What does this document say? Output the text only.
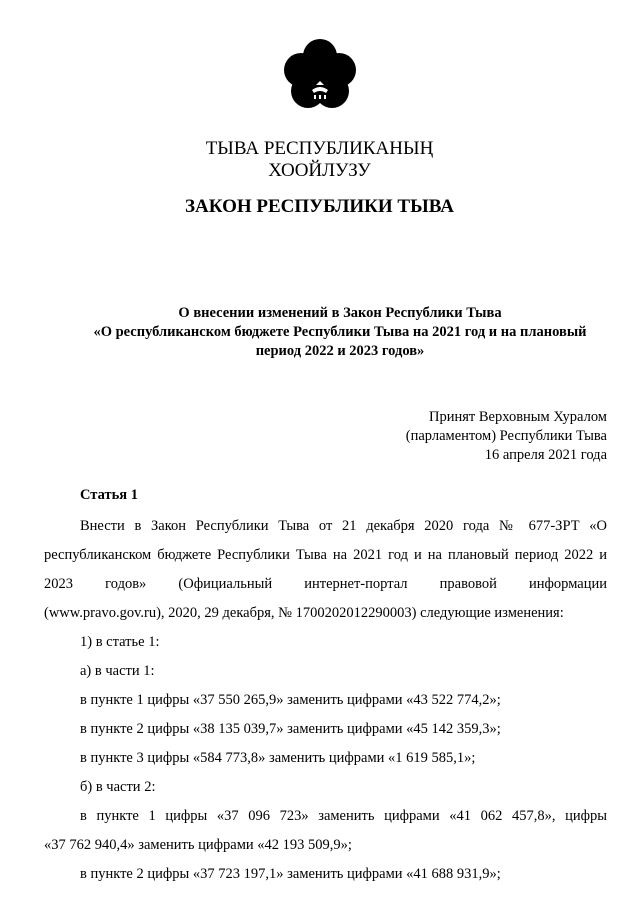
ТЫВА РЕСПУБЛИКАНЫҢ
ХООЙЛУЗУ
ЗАКОН РЕСПУБЛИКИ ТЫВА
О внесении изменений в Закон Республики Тыва
«О республиканском бюджете Республики Тыва на 2021 год и на плановый
период 2022 и 2023 годов»
Принят Верховным Хуралом
(парламентом) Республики Тыва
16 апреля 2021 года
Статья 1
Внести в Закон Республики Тыва от 21 декабря 2020 года № 677-ЗРТ «О
республиканском бюджете Республики Тыва на 2021 год и на плановый период 2022 и
2023 годов» (Официальный интернет-портал правовой информации
(www.pravo.gov.ru), 2020, 29 декабря, № 1700202012290003) следующие изменения:
1) в статье 1:
а) в части 1:
в пункте 1 цифры «37 550 265,9» заменить цифрами «43 522 774,2»;
в пункте 2 цифры «38 135 039,7» заменить цифрами «45 142 359,3»;
в пункте 3 цифры «584 773,8» заменить цифрами «1 619 585,1»;
б) в части 2:
в пункте 1 цифры «37 096 723» заменить цифрами «41 062 457,8», цифры
«37 762 940,4» заменить цифрами «42 193 509,9»;
в пункте 2 цифры «37 723 197,1» заменить цифрами «41 688 931,9»;
